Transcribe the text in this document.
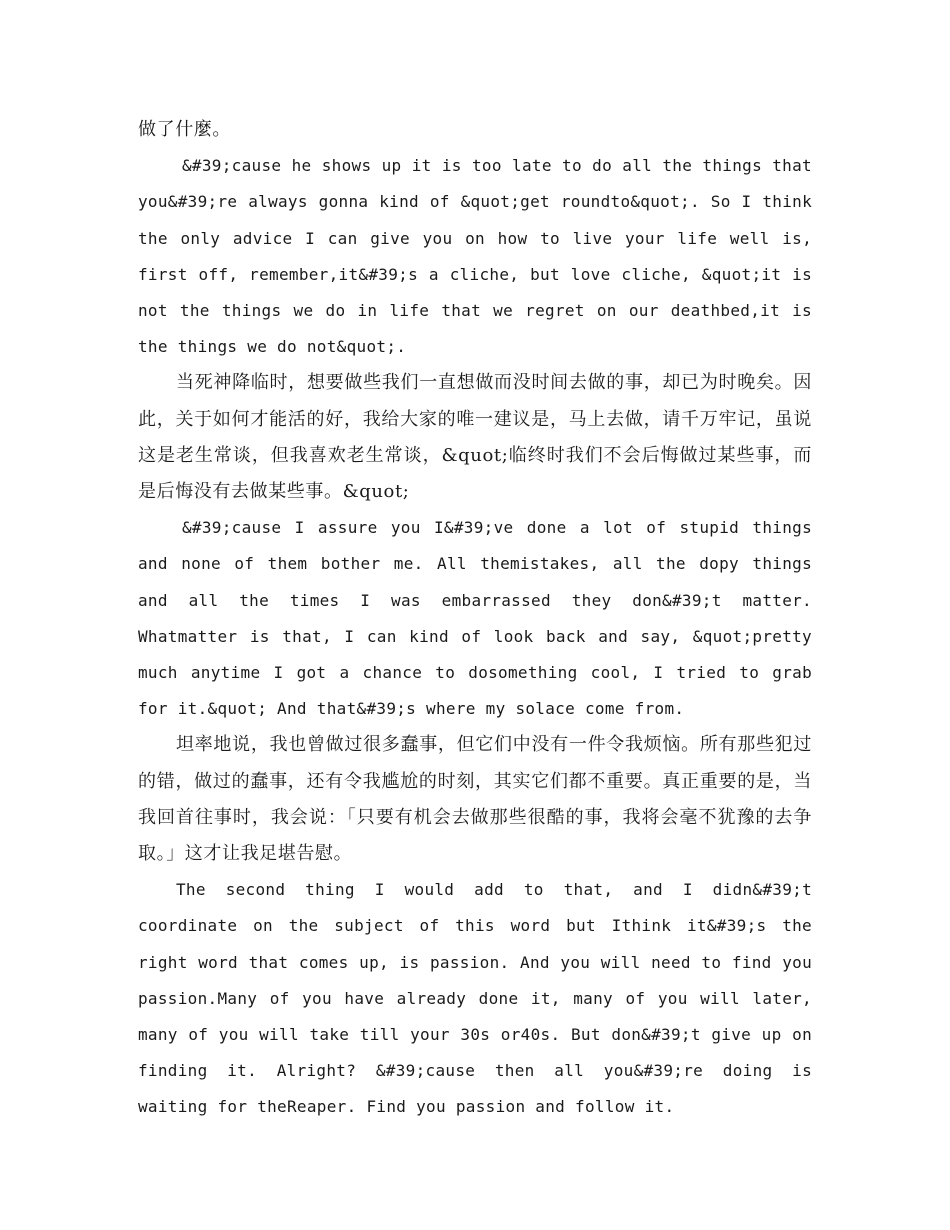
做了什麼。

&#39;cause he shows up it is too late to do all the things that you&#39;re always gonna kind of &quot;get roundto&quot;. So I think the only advice I can give you on how to live your life well is, first off, remember,it&#39;s a cliche, but love cliche, &quot;it is not the things we do in life that we regret on our deathbed,it is the things we do not&quot;.

当死神降临时，想要做些我们一直想做而没时间去做的事，却已为时晚矣。因此，关于如何才能活的好，我给大家的唯一建议是，马上去做，请千万牢记，虽说这是老生常谈，但我喜欢老生常谈，&quot;临终时我们不会后悔做过某些事，而是后悔没有去做某些事。&quot;

&#39;cause I assure you I&#39;ve done a lot of stupid things and none of them bother me. All themistakes, all the dopy things and all the times I was embarrassed they don&#39;t matter. Whatmatter is that, I can kind of look back and say, &quot;pretty much anytime I got a chance to dosomething cool, I tried to grab for it.&quot; And that&#39;s where my solace come from.

坦率地说，我也曾做过很多蠢事，但它们中没有一件令我烦恼。所有那些犯过的错，做过的蠢事，还有令我尴尬的时刻，其实它们都不重要。真正重要的是，当我回首往事时，我会说：「只要有机会去做那些很酷的事，我将会毫不犹豫的去争取。」这才让我足堪告慰。

The second thing I would add to that, and I didn&#39;t coordinate on the subject of this word but Ithink it&#39;s the right word that comes up, is passion. And you will need to find you passion.Many of you have already done it, many of you will later, many of you will take till your 30s or40s. But don&#39;t give up on finding it. Alright? &#39;cause then all you&#39;re doing is waiting for theReaper. Find you passion and follow it.
